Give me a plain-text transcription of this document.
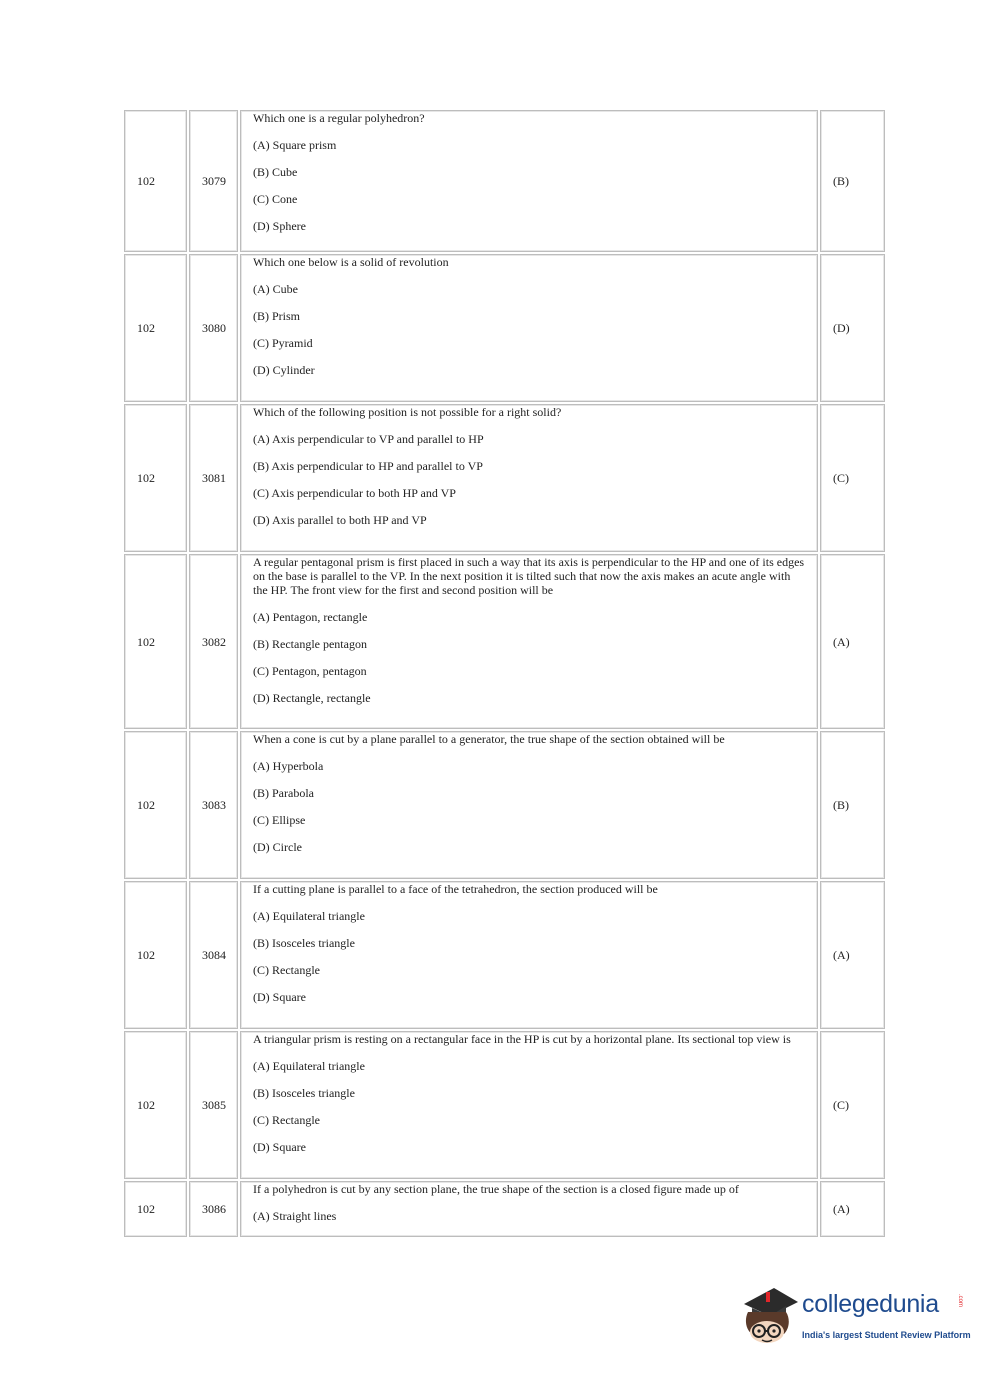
102	3079	Which one is a regular polyhedron?
(A) Square prism
(B) Cube
(C) Cone
(D) Sphere	(B)
102	3080	Which one below is a solid of revolution
(A) Cube
(B) Prism
(C) Pyramid
(D) Cylinder	(D)
102	3081	Which of the following position is not possible for a right solid?
(A) Axis perpendicular to VP and parallel to HP
(B) Axis perpendicular to HP and parallel to VP
(C) Axis perpendicular to both HP and VP
(D) Axis parallel to both HP and VP	(C)
102	3082	A regular pentagonal prism is first placed in such a way that its axis is perpendicular to the HP and one of its edges on the base is parallel to the VP. In the next position it is tilted such that now the axis makes an acute angle with the HP. The front view for the first and second position will be
(A) Pentagon, rectangle
(B) Rectangle pentagon
(C) Pentagon, pentagon
(D) Rectangle, rectangle	(A)
102	3083	When a cone is cut by a plane parallel to a generator, the true shape of the section obtained will be
(A) Hyperbola
(B) Parabola
(C) Ellipse
(D) Circle	(B)
102	3084	If a cutting plane is parallel to a face of the tetrahedron, the section produced will be
(A) Equilateral triangle
(B) Isosceles triangle
(C) Rectangle
(D) Square	(A)
102	3085	A triangular prism is resting on a rectangular face in the HP is cut by a horizontal plane. Its sectional top view is
(A) Equilateral triangle
(B) Isosceles triangle
(C) Rectangle
(D) Square	(C)
102	3086	If a polyhedron is cut by any section plane, the true shape of the section is a closed figure made up of
(A) Straight lines	(A)
collegedunia	.com
India's largest Student Review Platform
